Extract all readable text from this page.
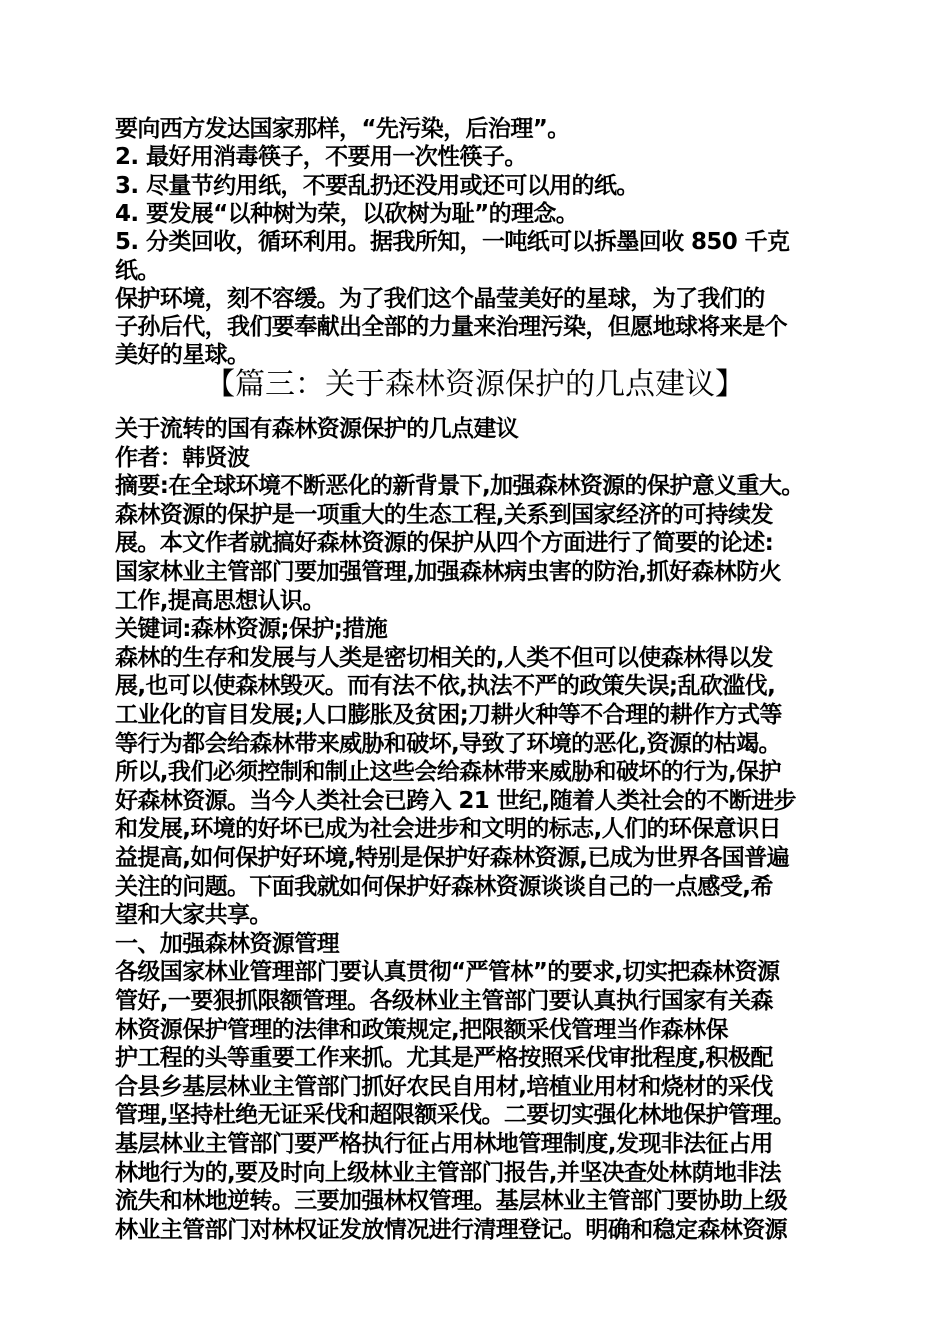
要向西方发达国家那样，“先污染，后治理”。
2. 最好用消毒筷子，不要用一次性筷子。
3. 尽量节约用纸，不要乱扔还没用或还可以用的纸。
4. 要发展“以种树为荣，以砍树为耻”的理念。
5. 分类回收，循环利用。据我所知，一吨纸可以拆墨回收 850 千克
纸。
保护环境，刻不容缓。为了我们这个晶莹美好的星球，为了我们的
子孙后代，我们要奉献出全部的力量来治理污染，但愿地球将来是个
美好的星球。
【篇三：关于森林资源保护的几点建议】
关于流转的国有森林资源保护的几点建议
作者：韩贤波
摘要:在全球环境不断恶化的新背景下,加强森林资源的保护意义重大。
森林资源的保护是一项重大的生态工程,关系到国家经济的可持续发
展。本文作者就搞好森林资源的保护从四个方面进行了简要的论述:
国家林业主管部门要加强管理,加强森林病虫害的防治,抓好森林防火
工作,提高思想认识。
关键词:森林资源;保护;措施
森林的生存和发展与人类是密切相关的,人类不但可以使森林得以发
展,也可以使森林毁灭。而有法不依,执法不严的政策失误;乱砍滥伐,
工业化的盲目发展;人口膨胀及贫困;刀耕火种等不合理的耕作方式等
等行为都会给森林带来威胁和破坏,导致了环境的恶化,资源的枯竭。
所以,我们必须控制和制止这些会给森林带来威胁和破坏的行为,保护
好森林资源。当今人类社会已跨入 21 世纪,随着人类社会的不断进步
和发展,环境的好坏已成为社会进步和文明的标志,人们的环保意识日
益提高,如何保护好环境,特别是保护好森林资源,已成为世界各国普遍
关注的问题。下面我就如何保护好森林资源谈谈自己的一点感受,希
望和大家共享。
一、加强森林资源管理
各级国家林业管理部门要认真贯彻“严管林”的要求,切实把森林资源
管好,一要狠抓限额管理。各级林业主管部门要认真执行国家有关森
林资源保护管理的法律和政策规定,把限额采伐管理当作森林保
护工程的头等重要工作来抓。尤其是严格按照采伐审批程度,积极配
合县乡基层林业主管部门抓好农民自用材,培植业用材和烧材的采伐
管理,坚持杜绝无证采伐和超限额采伐。二要切实强化林地保护管理。
基层林业主管部门要严格执行征占用林地管理制度,发现非法征占用
林地行为的,要及时向上级林业主管部门报告,并坚决查处林荫地非法
流失和林地逆转。三要加强林权管理。基层林业主管部门要协助上级
林业主管部门对林权证发放情况进行清理登记。明确和稳定森林资源
